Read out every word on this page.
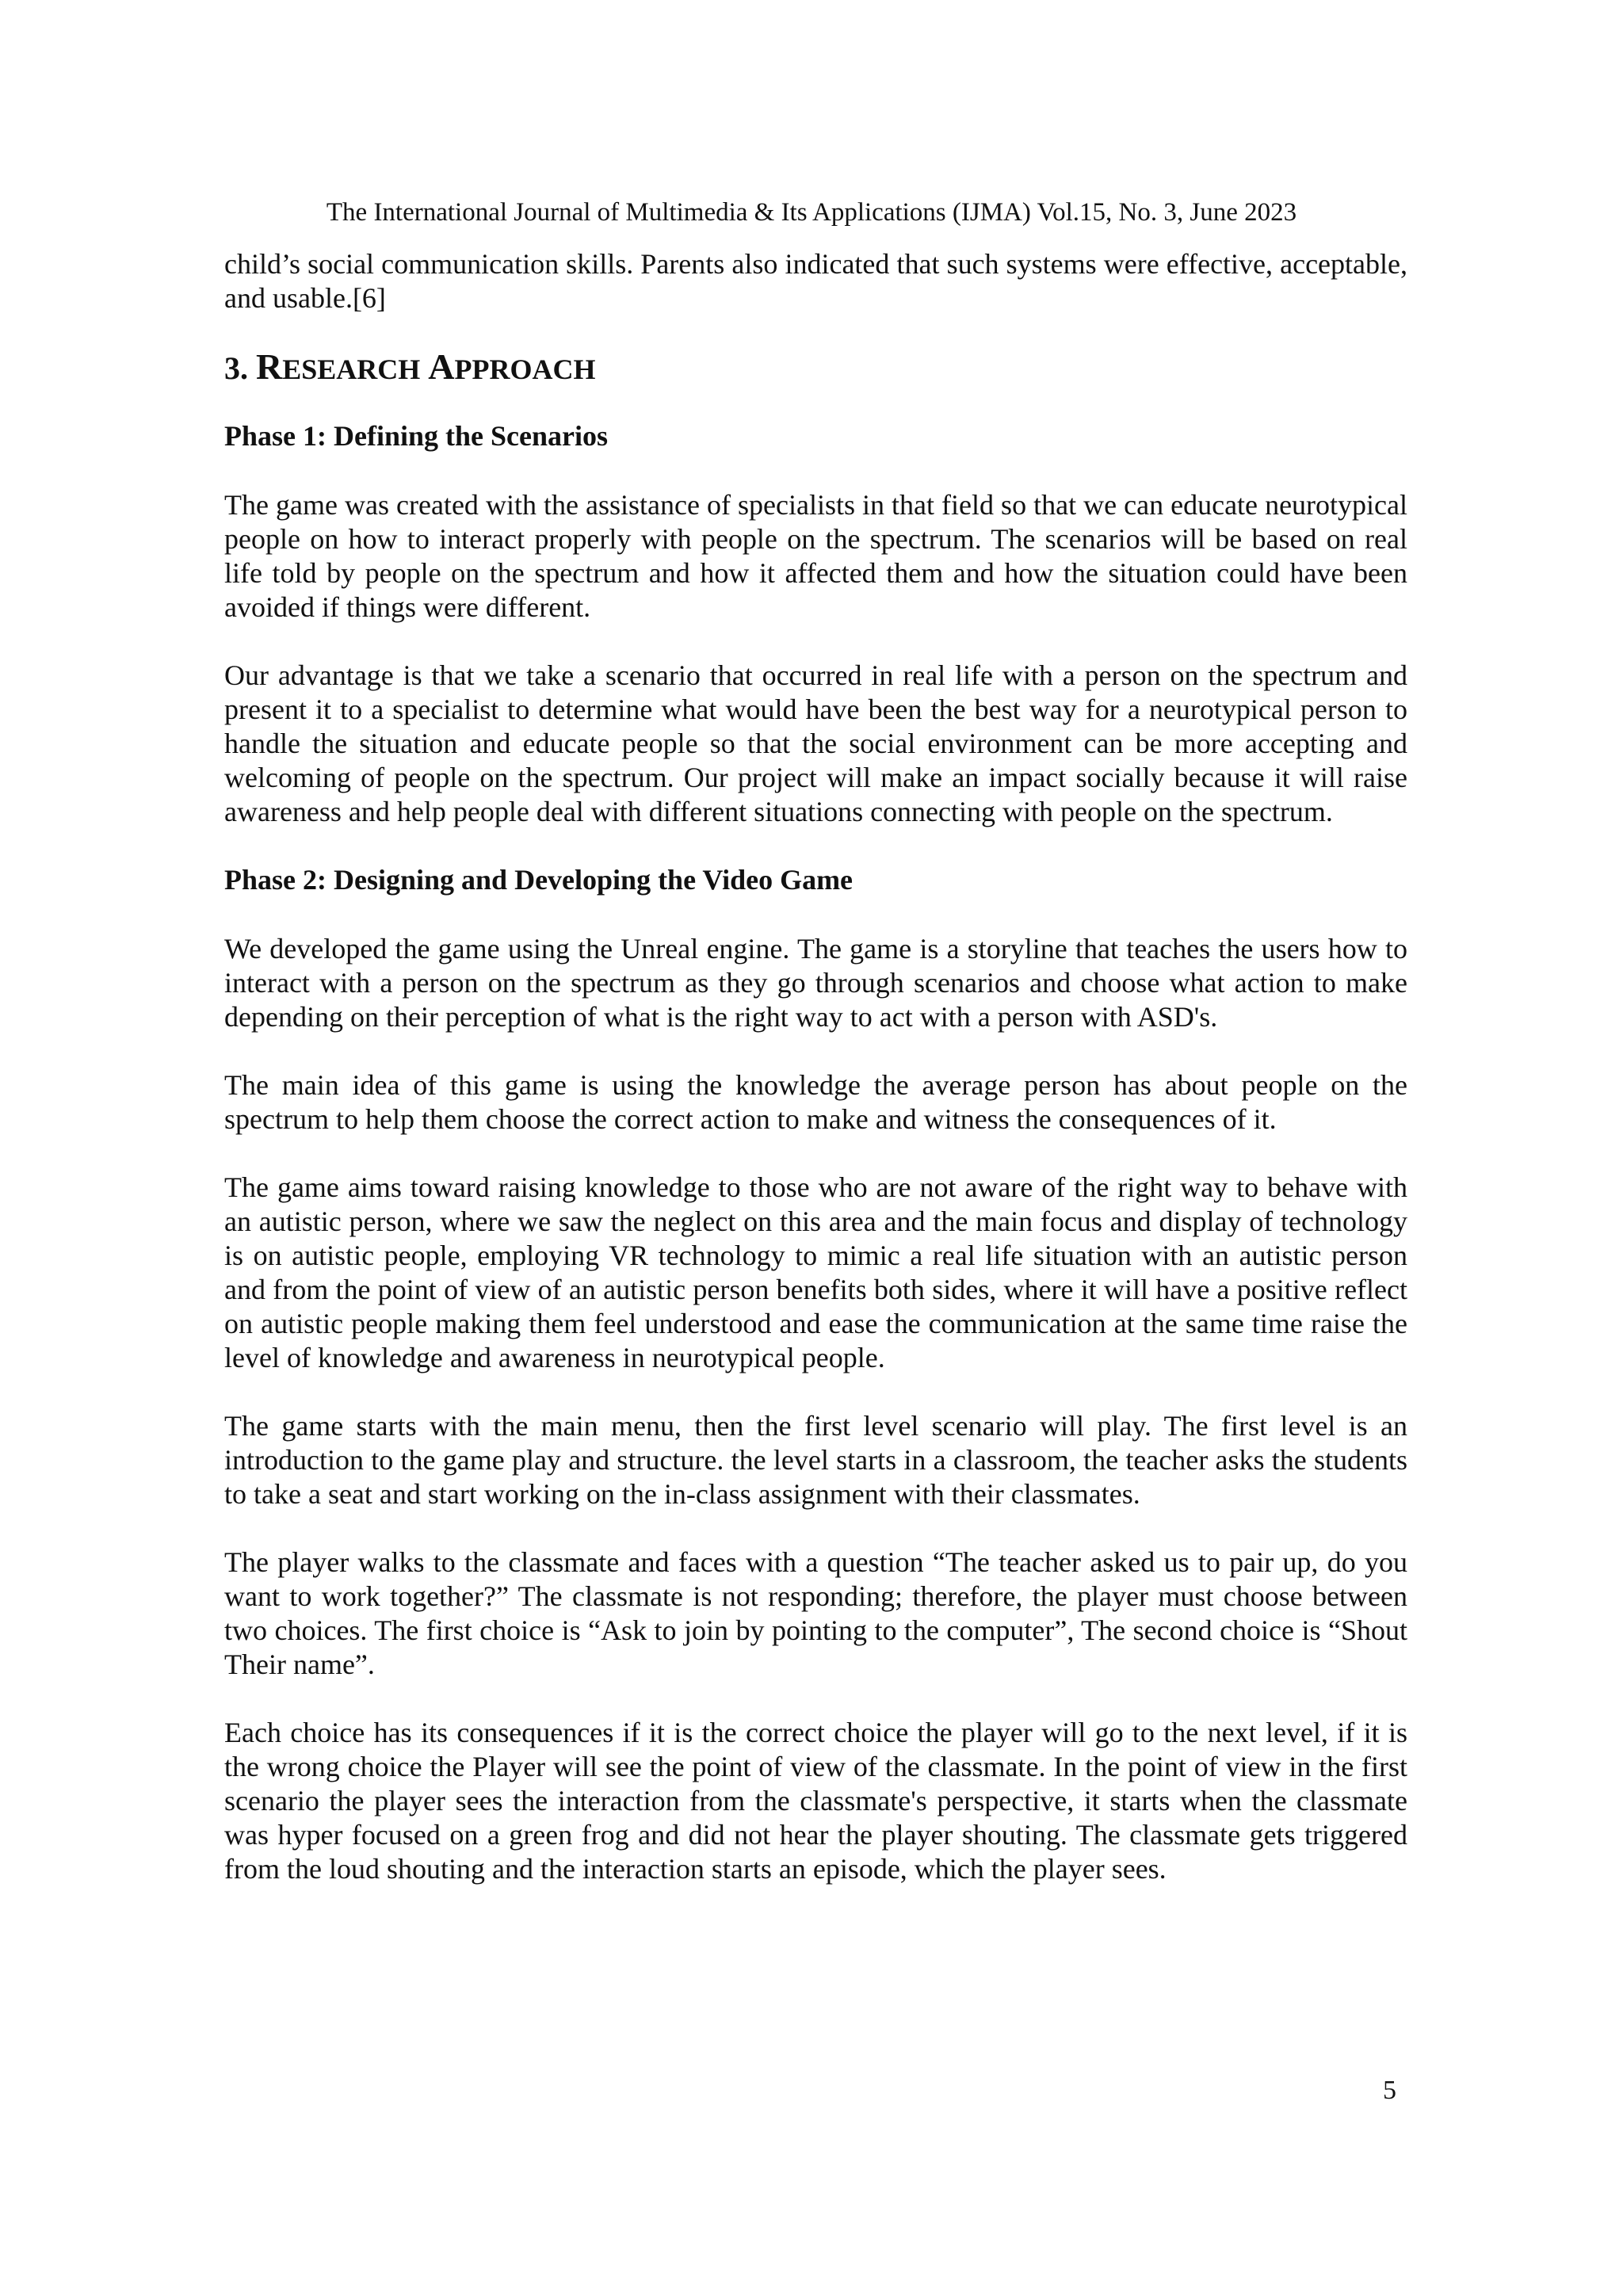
The International Journal of Multimedia & Its Applications (IJMA) Vol.15, No. 3, June 2023

child’s social communication skills. Parents also indicated that such systems were effective, acceptable, and usable.[6]

3. RESEARCH APPROACH
Phase 1: Defining the Scenarios

The game was created with the assistance of specialists in that field so that we can educate neurotypical people on how to interact properly with people on the spectrum. The scenarios will be based on real life told by people on the spectrum and how it affected them and how the situation could have been avoided if things were different.

Our advantage is that we take a scenario that occurred in real life with a person on the spectrum and present it to a specialist to determine what would have been the best way for a neurotypical person to handle the situation and educate people so that the social environment can be more accepting and welcoming of people on the spectrum. Our project will make an impact socially because it will raise awareness and help people deal with different situations connecting with people on the spectrum.

Phase 2: Designing and Developing the Video Game

We developed the game using the Unreal engine. The game is a storyline that teaches the users how to interact with a person on the spectrum as they go through scenarios and choose what action to make depending on their perception of what is the right way to act with a person with ASD's.

The main idea of this game is using the knowledge the average person has about people on the spectrum to help them choose the correct action to make and witness the consequences of it.

The game aims toward raising knowledge to those who are not aware of the right way to behave with an autistic person, where we saw the neglect on this area and the main focus and display of technology is on autistic people, employing VR technology to mimic a real life situation with an autistic person and from the point of view of an autistic person benefits both sides, where it will have a positive reflect on autistic people making them feel understood and ease the communication at the same time raise the level of knowledge and awareness in neurotypical people.

The game starts with the main menu, then the first level scenario will play. The first level is an introduction to the game play and structure. the level starts in a classroom, the teacher asks the students to take a seat and start working on the in-class assignment with their classmates.

The player walks to the classmate and faces with a question “The teacher asked us to pair up, do you want to work together?” The classmate is not responding; therefore, the player must choose between two choices. The first choice is “Ask to join by pointing to the computer”, The second choice is “Shout Their name”.

Each choice has its consequences if it is the correct choice the player will go to the next level, if it is the wrong choice the Player will see the point of view of the classmate. In the point of view in the first scenario the player sees the interaction from the classmate's perspective, it starts when the classmate was hyper focused on a green frog and did not hear the player shouting. The classmate gets triggered from the loud shouting and the interaction starts an episode, which the player sees.

5
